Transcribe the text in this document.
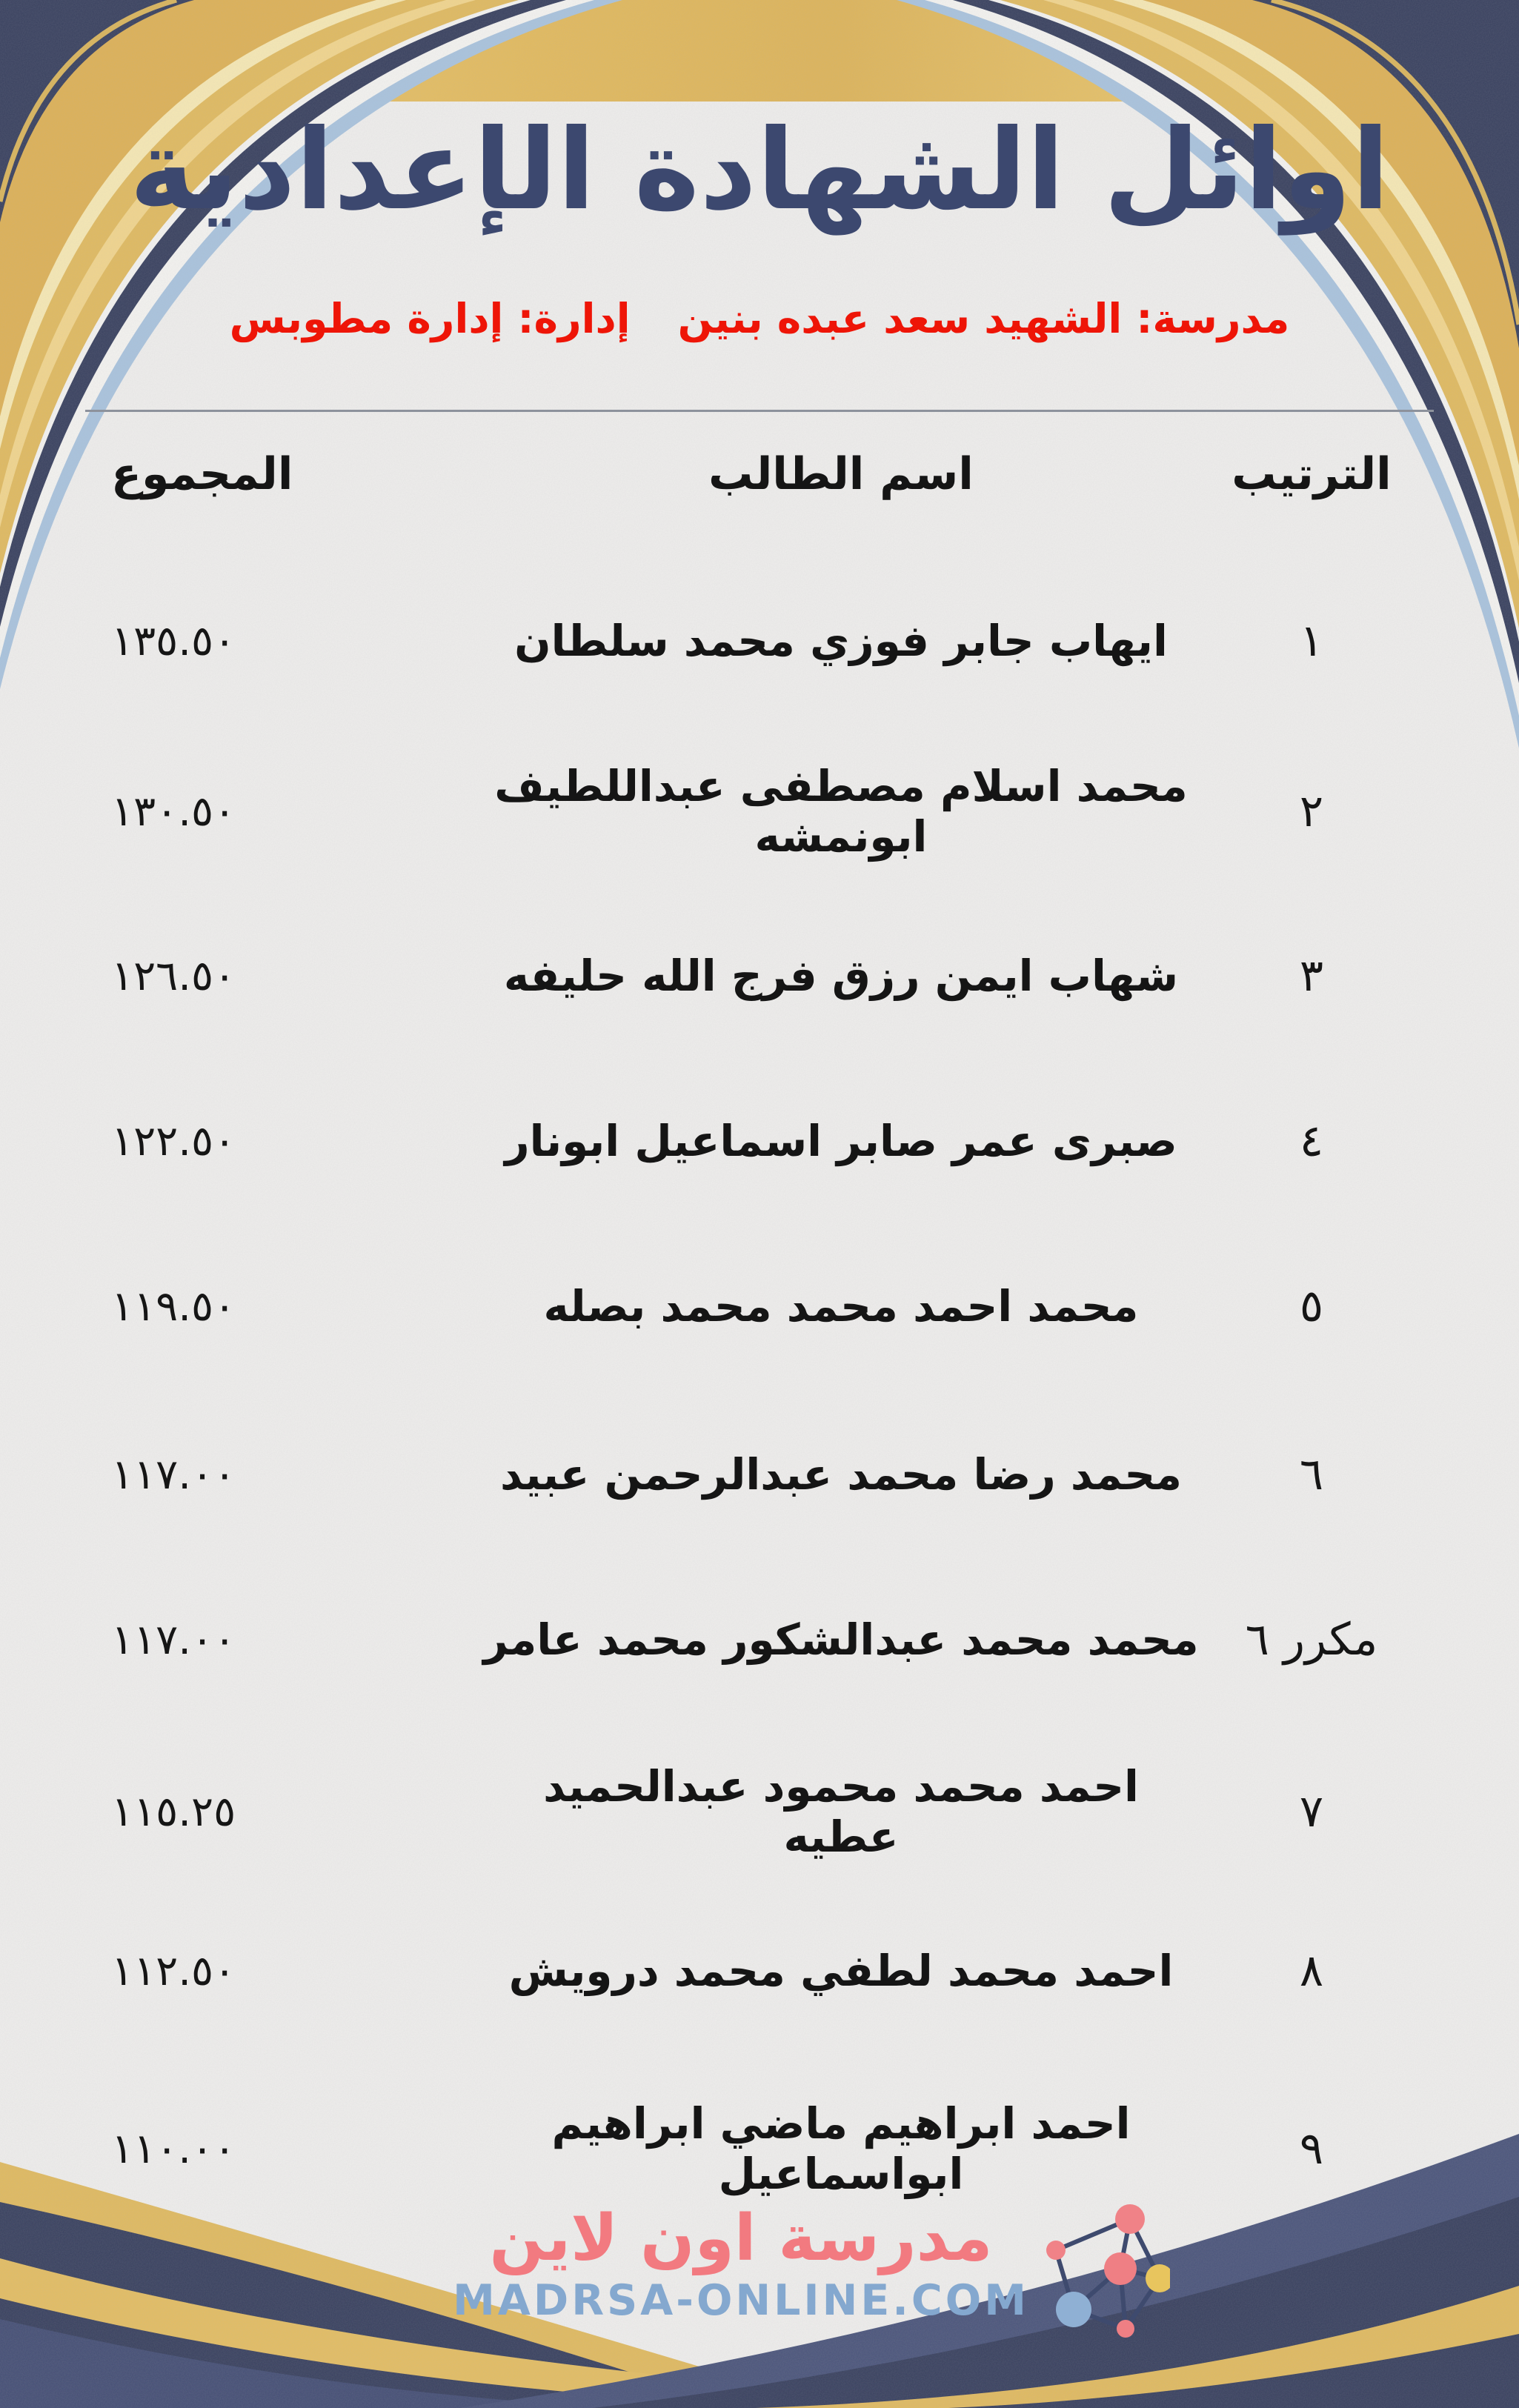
اوائل الشهادة الإعدادية
مدرسة: الشهيد سعد عبده بنين
إدارة: إدارة مطوبس
الترتيب
اسم الطالب
المجموع
١
ايهاب جابر فوزي محمد سلطان
١٣٥.٥٠
٢
محمد اسلام مصطفى عبداللطيف ابونمشه
١٣٠.٥٠
٣
شهاب ايمن رزق فرج الله حليفه
١٢٦.٥٠
٤
صبرى عمر صابر اسماعيل ابونار
١٢٢.٥٠
٥
محمد احمد محمد محمد بصله
١١٩.٥٠
٦
محمد رضا محمد عبدالرحمن عبيد
١١٧.٠٠
مكرر ٦
محمد محمد عبدالشكور محمد عامر
١١٧.٠٠
٧
احمد محمد محمود عبدالحميد عطيه
١١٥.٢٥
٨
احمد محمد لطفي محمد درويش
١١٢.٥٠
٩
احمد ابراهيم ماضي ابراهيم ابواسماعيل
١١٠.٠٠
مدرسة اون لاين
MADRSA-ONLINE.COM
